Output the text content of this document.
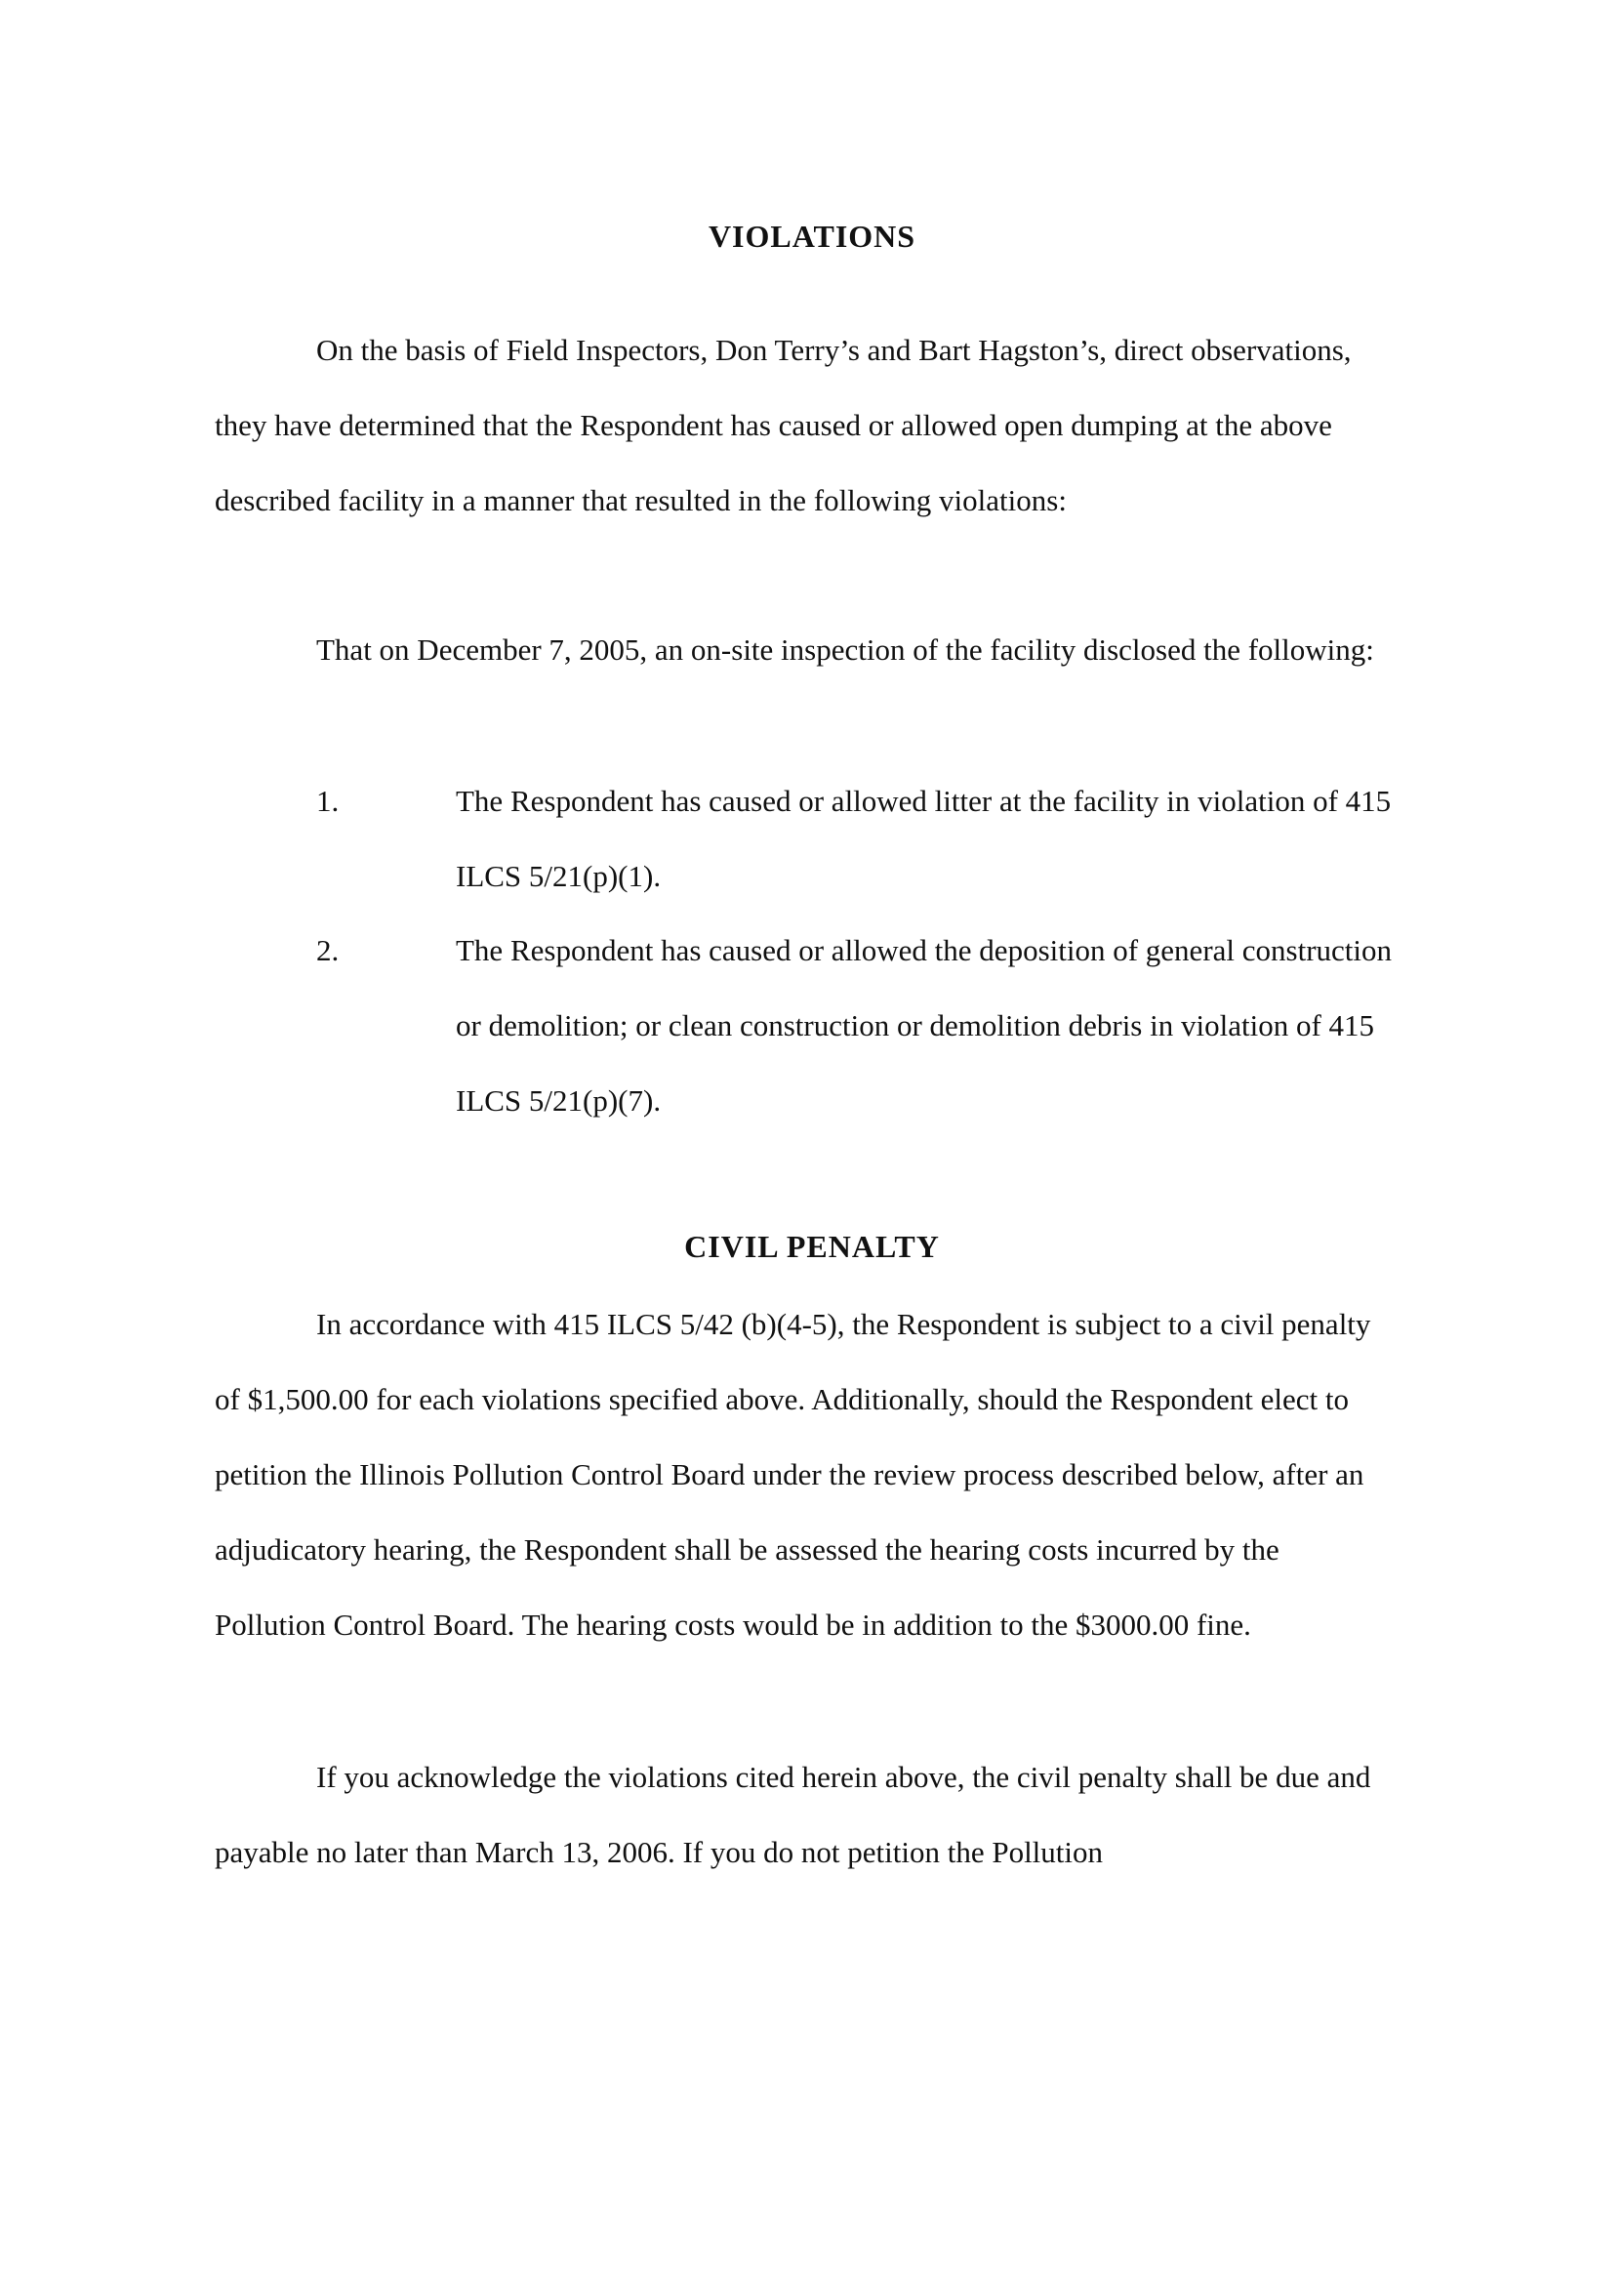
VIOLATIONS

On the basis of Field Inspectors, Don Terry’s and Bart Hagston’s, direct observations, they have determined that the Respondent has caused or allowed open dumping at the above described facility in a manner that resulted in the following violations:

That on December 7, 2005, an on-site inspection of the facility disclosed the following:

1.	The Respondent has caused or allowed litter at the facility in violation of 415 ILCS 5/21(p)(1).

2.	The Respondent has caused or allowed the deposition of general construction or demolition; or clean construction or demolition debris in violation of 415 ILCS 5/21(p)(7).

CIVIL PENALTY

In accordance with 415 ILCS 5/42 (b)(4-5), the Respondent is subject to a civil penalty of $1,500.00 for each violations specified above. Additionally, should the Respondent elect to petition the Illinois Pollution Control Board under the review process described below, after an adjudicatory hearing, the Respondent shall be assessed the hearing costs incurred by the Pollution Control Board. The hearing costs would be in addition to the $3000.00 fine.

If you acknowledge the violations cited herein above, the civil penalty shall be due and payable no later than March 13, 2006. If you do not petition the Pollution
